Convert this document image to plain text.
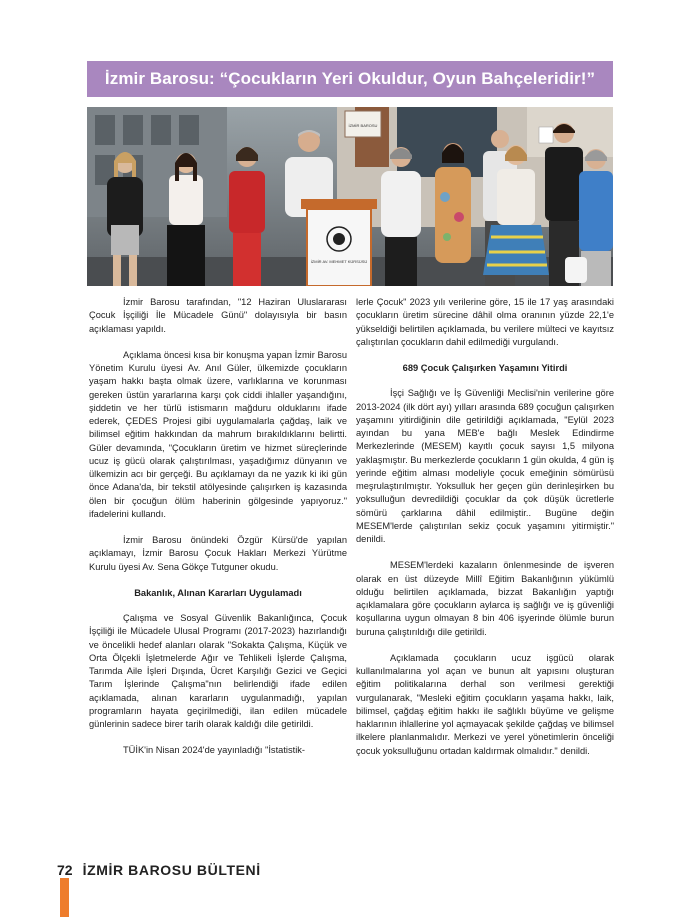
İzmir Barosu: “Çocukların Yeri Okuldur, Oyun Bahçeleridir!”
İZMİR BAROSU
İZMİR AV. MEHMET KÜRSÜSÜ

İzmir Barosu tarafından, "12 Haziran Uluslararası Çocuk İşçiliği İle Mücadele Günü" dolayısıyla bir basın açıklaması yapıldı.

Açıklama öncesi kısa bir konuşma yapan İzmir Barosu Yönetim Kurulu üyesi Av. Anıl Güler, ülkemizde çocukların yaşam hakkı başta olmak üzere, varlıklarına ve korunması gereken üstün yararlarına karşı çok ciddi ihlaller yaşandığını, şiddetin ve her türlü istismarın mağduru olduklarını ifade ederek, ÇEDES Projesi gibi uygulamalarla çağdaş, laik ve bilimsel eğitim hakkından da mahrum bırakıldıklarını belirtti. Güler devamında, "Çocukların üretim ve hizmet süreçlerinde ucuz iş gücü olarak çalıştırılması, yaşadığımız dünyanın ve ülkemizin acı bir gerçeği. Bu açıklamayı da ne yazık ki iki gün önce Adana'da, bir tekstil atölyesinde çalışırken iş kazasında ölen bir çocuğun ölüm haberinin gölgesinde yapıyoruz." ifadelerini kullandı.

İzmir Barosu önündeki Özgür Kürsü'de yapılan açıklamayı, İzmir Barosu Çocuk Hakları Merkezi Yürütme Kurulu üyesi Av. Sena Gökçe Tutguner okudu.

Bakanlık, Alınan Kararları Uygulamadı

Çalışma ve Sosyal Güvenlik Bakanlığınca, Çocuk İşçiliği ile Mücadele Ulusal Programı (2017-2023) hazırlandığı ve öncelikli hedef alanları olarak "Sokakta Çalışma, Küçük ve Orta Ölçekli İşletmelerde Ağır ve Tehlikeli İşlerde Çalışma, Tarımda Aile İşleri Dışında, Ücret Karşılığı Gezici ve Geçici Tarım İşlerinde Çalışma"nın belirlendiği ifade edilen açıklamada, alınan kararların uygulanmadığı, yapılan programların hayata geçirilmediği, ilan edilen mücadele günlerinin sadece birer tarih olarak kaldığı dile getirildi.

TÜİK'in Nisan 2024'de yayınladığı "İstatistik-

lerle Çocuk" 2023 yılı verilerine göre, 15 ile 17 yaş arasındaki çocukların üretim sürecine dâhil olma oranının yüzde 22,1'e yükseldiği belirtilen açıklamada, bu verilere mülteci ve kayıtsız çalıştırılan çocukların dahil edilmediği vurgulandı.

689 Çocuk Çalışırken Yaşamını Yitirdi

İşçi Sağlığı ve İş Güvenliği Meclisi'nin verilerine göre 2013-2024 (ilk dört ayı) yılları arasında 689 çocuğun çalışırken yaşamını yitirdiğinin dile getirildiği açıklamada, "Eylül 2023 ayından bu yana MEB'e bağlı Meslek Edindirme Merkezlerinde (MESEM) kayıtlı çocuk sayısı 1,5 milyona yaklaşmıştır. Bu merkezlerde çocukların 1 gün okulda, 4 gün iş yerinde eğitim alması modeliyle çocuk emeğinin sömürüsü meşrulaştırılmıştır. Yoksulluk her geçen gün derinleşirken bu yoksulluğun devredildiği çocuklar da çok düşük ücretlerle sömürü çarklarına dâhil edilmiştir.. Bugüne değin MESEM'lerde çalıştırılan sekiz çocuk yaşamını yitirmiştir." denildi.

MESEM'lerdeki kazaların önlenmesinde de işveren olarak en üst düzeyde Millî Eğitim Bakanlığının yükümlü olduğu belirtilen açıklamada, bizzat Bakanlığın yaptığı açıklamalara göre çocukların aylarca iş sağlığı ve iş güvenliği koşullarına uygun olmayan 8 bin 406 işyerinde ölümle burun buruna çalıştırıldığı dile getirildi.

Açıklamada çocukların ucuz işgücü olarak kullanılmalarına yol açan ve bunun alt yapısını oluşturan eğitim politikalarına derhal son verilmesi gerektiği vurgulanarak, "Mesleki eğitim çocukların yaşama hakkı, laik, bilimsel, çağdaş eğitim hakkı ile sağlıklı büyüme ve gelişme haklarının ihlallerine yol açmayacak şekilde çağdaş ve bilimsel ilkelere planlanmalıdır. Merkezi ve yerel yönetimlerin önceliği çocuk yoksulluğunu ortadan kaldırmak olmalıdır." denildi.

72 İZMİR BAROSU BÜLTENİ
